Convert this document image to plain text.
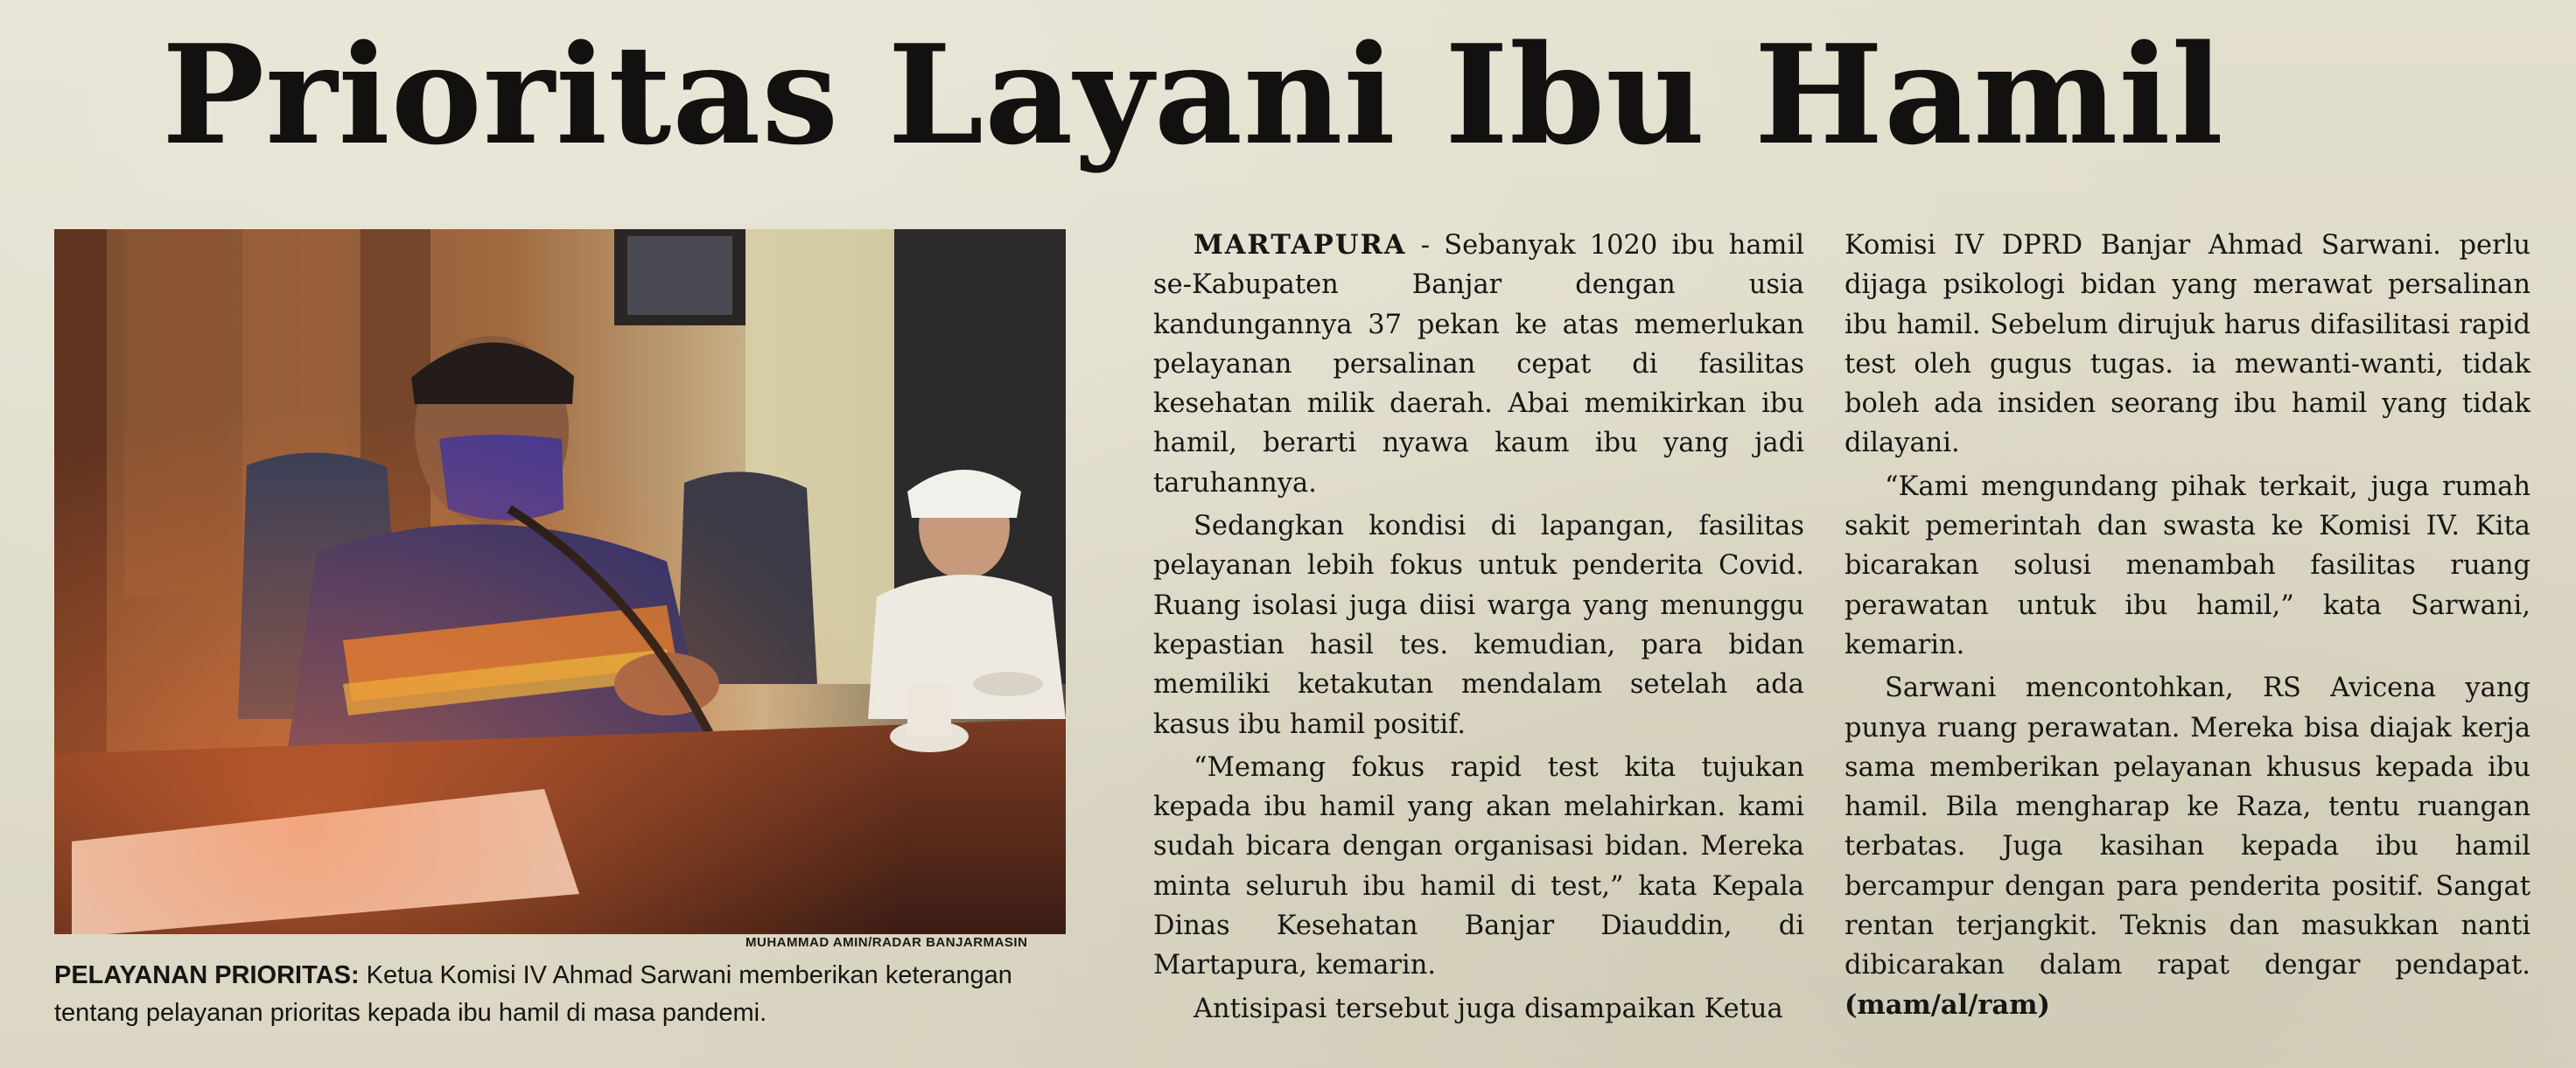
Prioritas Layani Ibu Hamil
MUHAMMAD AMIN/RADAR BANJARMASIN

PELAYANAN PRIORITAS: Ketua Komisi IV Ahmad Sarwani memberikan keterangan tentang pelayanan prioritas kepada ibu hamil di masa pandemi.

MARTAPURA - Sebanyak 1020 ibu hamil se-Kabupaten Banjar dengan usia kandungannya 37 pekan ke atas memerlukan pelayanan persalinan cepat di fasilitas kesehatan milik daerah. Abai memikirkan ibu hamil, berarti nyawa kaum ibu yang jadi taruhannya.

Sedangkan kondisi di lapangan, fasilitas pelayanan lebih fokus untuk penderita Covid. Ruang isolasi juga diisi warga yang menunggu kepastian hasil tes. kemudian, para bidan memiliki ketakutan mendalam setelah ada kasus ibu hamil positif.

“Memang fokus rapid test kita tujukan kepada ibu hamil yang akan melahirkan. kami sudah bicara dengan organisasi bidan. Mereka minta seluruh ibu hamil di test,” kata Kepala Dinas Kesehatan Banjar Diauddin, di Martapura, kemarin.

Antisipasi tersebut juga disampaikan Ketua

Komisi IV DPRD Banjar Ahmad Sarwani. perlu dijaga psikologi bidan yang merawat persalinan ibu hamil. Sebelum dirujuk harus difasilitasi rapid test oleh gugus tugas. ia mewanti-wanti, tidak boleh ada insiden seorang ibu hamil yang tidak dilayani.

“Kami mengundang pihak terkait, juga rumah sakit pemerintah dan swasta ke Komisi IV. Kita bicarakan solusi menambah fasilitas ruang perawatan untuk ibu hamil,” kata Sarwani, kemarin.

Sarwani mencontohkan, RS Avicena yang punya ruang perawatan. Mereka bisa diajak kerja sama memberikan pelayanan khusus kepada ibu hamil. Bila mengharap ke Raza, tentu ruangan terbatas. Juga kasihan kepada ibu hamil bercampur dengan para penderita positif. Sangat rentan terjangkit. Teknis dan masukkan nanti dibicarakan dalam rapat dengar pendapat. (mam/al/ram)
